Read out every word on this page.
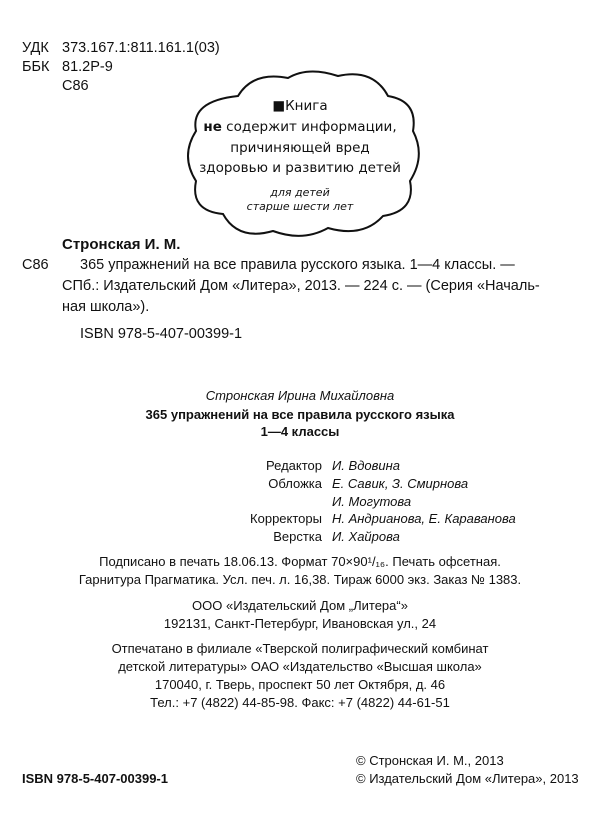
УДК 373.167.1:811.161.1(03)
ББК 81.2Р-9
С86
■Книга
не содержит информации,
причиняющей вред
здоровью и развитию детей
для детей
старше шести лет
Стронская И. М.
С86 365 упражнений на все правила русского языка. 1—4 классы. —
СПб.: Издательский Дом «Литера», 2013. — 224 с. — (Серия «Началь-
ная школа»).
ISBN 978-5-407-00399-1
Стронская Ирина Михайловна
365 упражнений на все правила русского языка
1—4 классы
Редактор И. Вдовина
Обложка Е. Савик, З. Смирнова
И. Могутова
Корректоры Н. Андрианова, Е. Караванова
Верстка И. Хайрова
Подписано в печать 18.06.13. Формат 70×90¹/₁₆. Печать офсетная.
Гарнитура Прагматика. Усл. печ. л. 16,38. Тираж 6000 экз. Заказ № 1383.
ООО «Издательский Дом „Литера“»
192131, Санкт-Петербург, Ивановская ул., 24
Отпечатано в филиале «Тверской полиграфический комбинат
детской литературы» ОАО «Издательство «Высшая школа»
170040, г. Тверь, проспект 50 лет Октября, д. 46
Тел.: +7 (4822) 44-85-98. Факс: +7 (4822) 44-61-51
© Стронская И. М., 2013
© Издательский Дом «Литера», 2013
ISBN 978-5-407-00399-1
